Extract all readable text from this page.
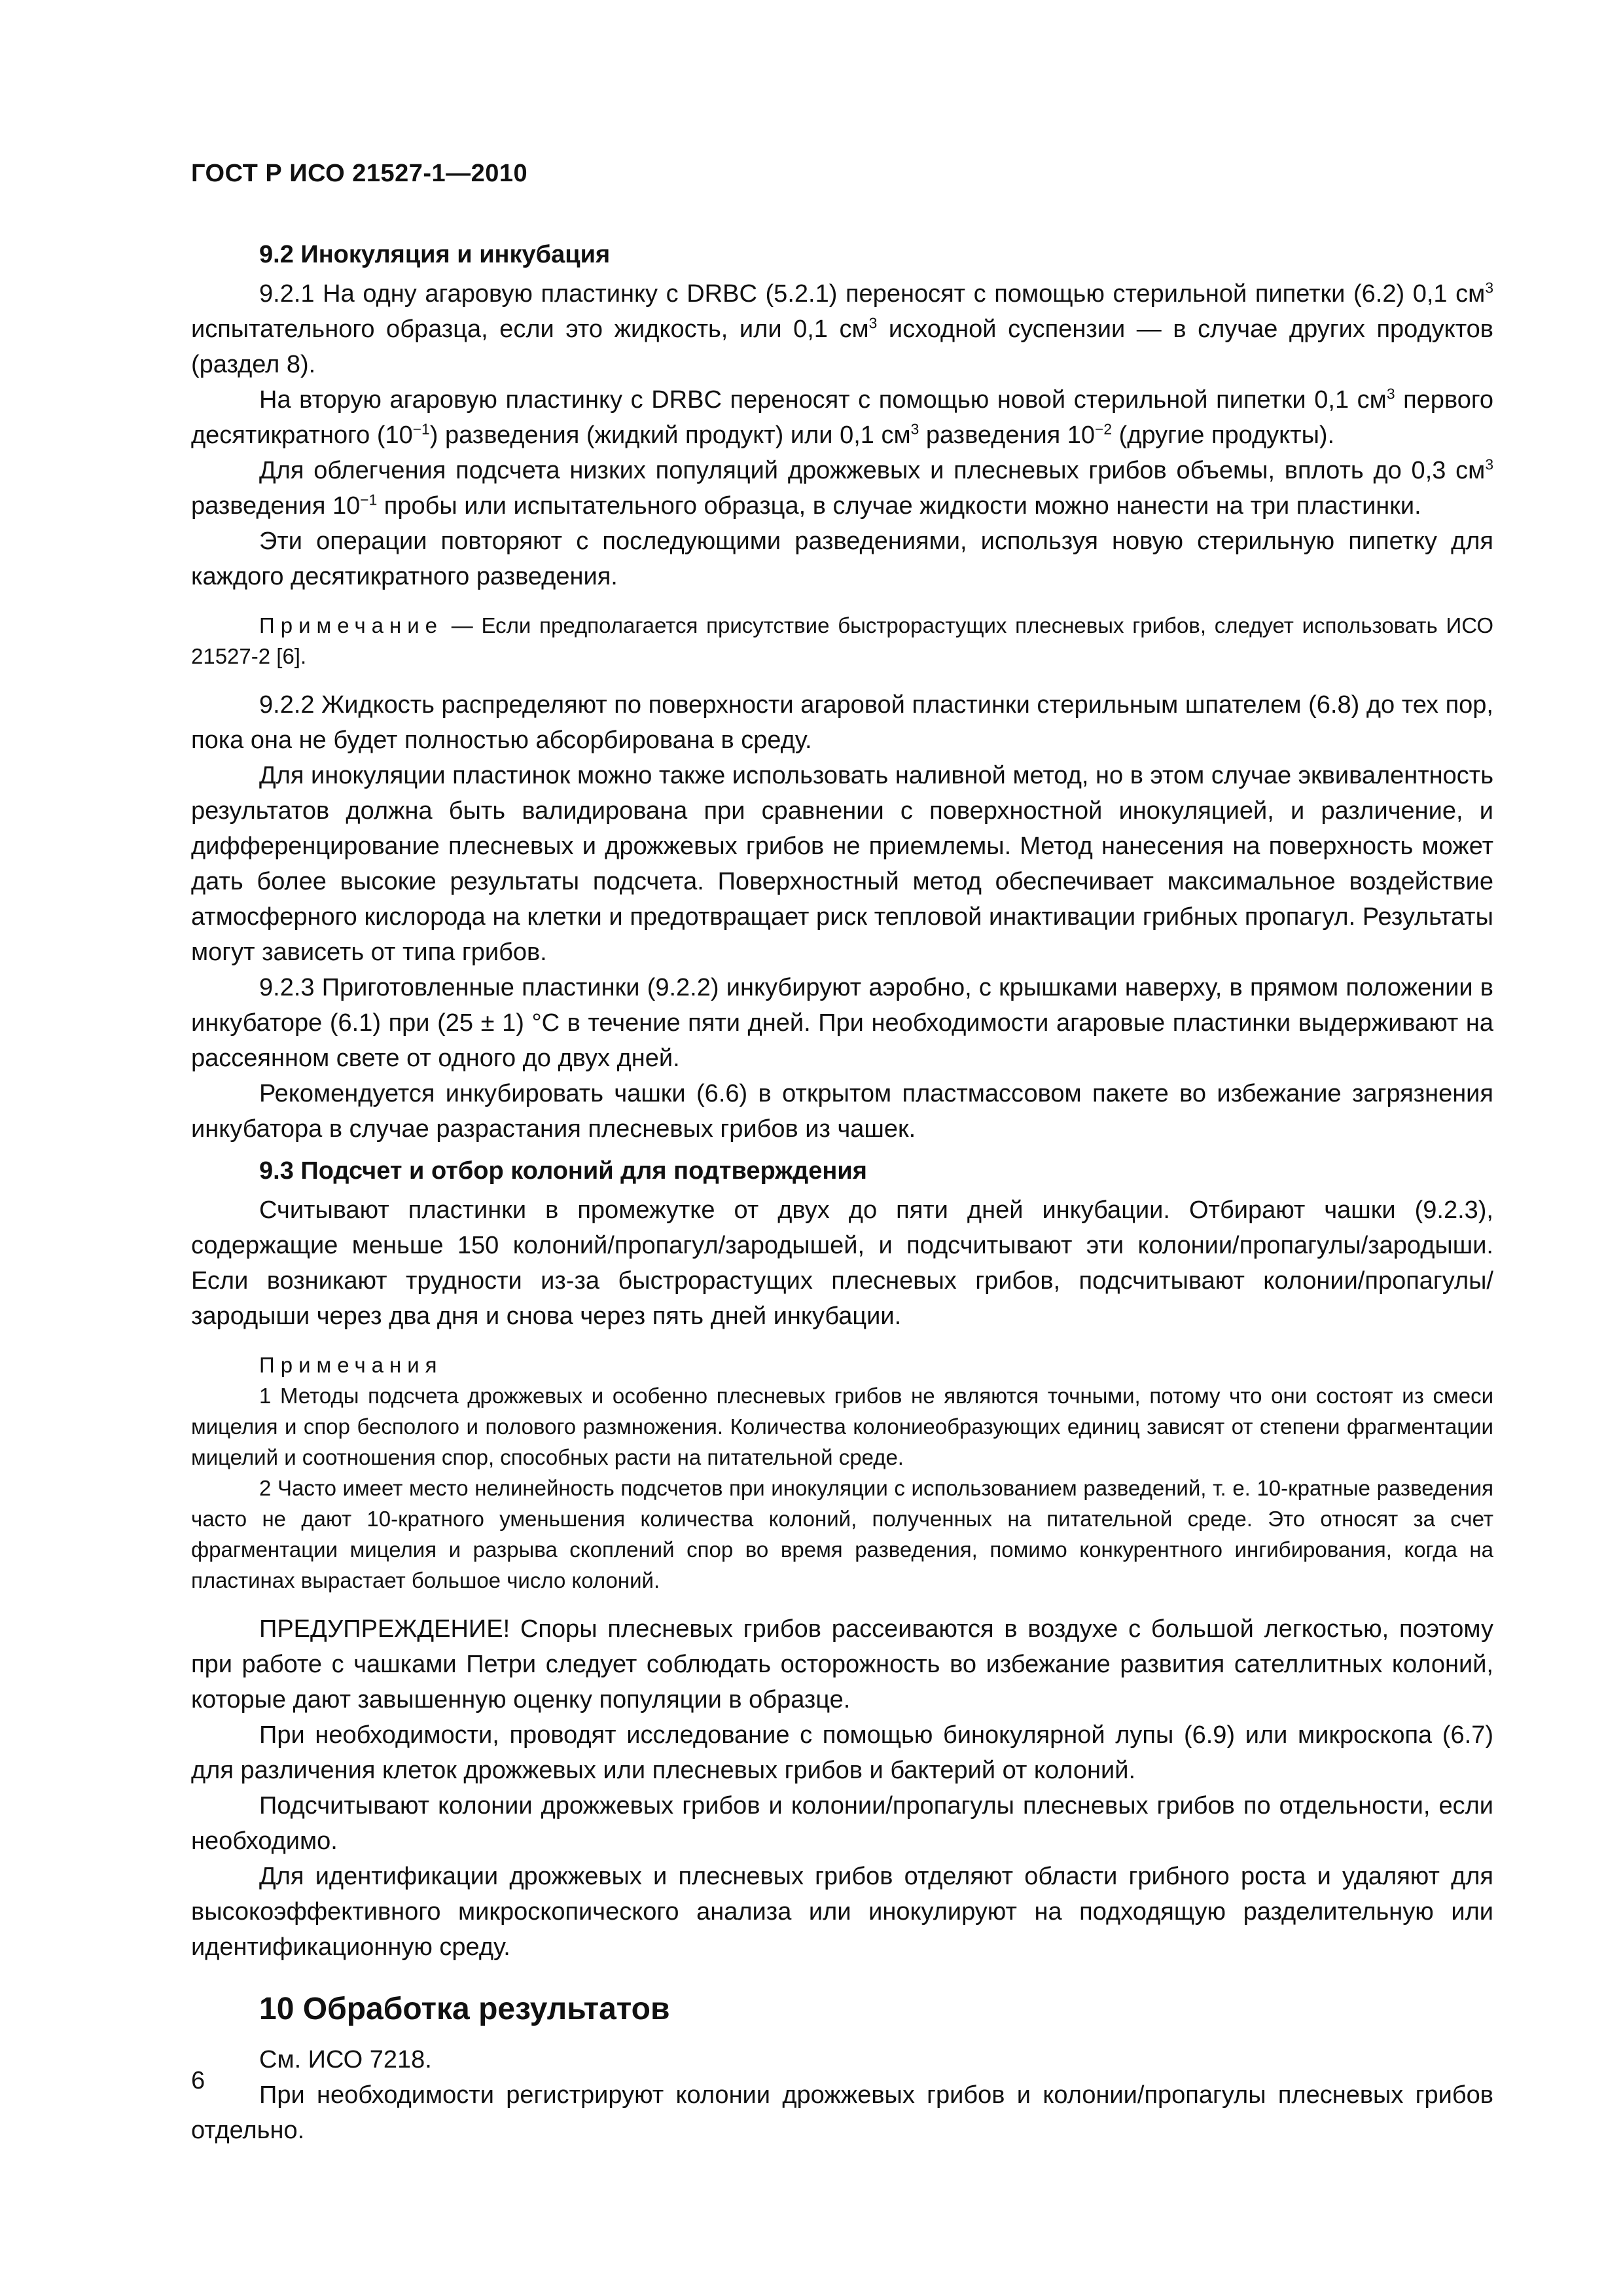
ГОСТ Р ИСО 21527-1—2010
9.2 Инокуляция и инкубация

9.2.1 На одну агаровую пластинку с DRBC (5.2.1) переносят с помощью стерильной пипетки (6.2) 0,1 $см^3$ испытательного образца, если это жидкость, или 0,1 $см^3$ исходной суспензии — в случае других продуктов (раздел 8).

На вторую агаровую пластинку с DRBC переносят с помощью новой стерильной пипетки 0,1 $см^3$ первого десятикратного $(10^{-1})$ разведения (жидкий продукт) или 0,1 $см^3$ разведения $10^{-2}$ (другие продукты).

Для облегчения подсчета низких популяций дрожжевых и плесневых грибов объемы, вплоть до 0,3 $см^3$ разведения $10^{-1}$ пробы или испытательного образца, в случае жидкости можно нанести на три пластинки.

Эти операции повторяют с последующими разведениями, используя новую стерильную пипетку для каждого десятикратного разведения.

Примечание — Если предполагается присутствие быстрорастущих плесневых грибов, следует использовать ИСО 21527-2 [6].

9.2.2 Жидкость распределяют по поверхности агаровой пластинки стерильным шпателем (6.8) до тех пор, пока она не будет полностью абсорбирована в среду.

Для инокуляции пластинок можно также использовать наливной метод, но в этом случае эквивалентность результатов должна быть валидирована при сравнении с поверхностной инокуляцией, и различение, и дифференцирование плесневых и дрожжевых грибов не приемлемы. Метод нанесения на поверхность может дать более высокие результаты подсчета. Поверхностный метод обеспечивает максимальное воздействие атмосферного кислорода на клетки и предотвращает риск тепловой инактивации грибных пропагул. Результаты могут зависеть от типа грибов.

9.2.3 Приготовленные пластинки (9.2.2) инкубируют аэробно, с крышками наверху, в прямом положении в инкубаторе (6.1) при (25 ± 1) °С в течение пяти дней. При необходимости агаровые пластинки выдерживают на рассеянном свете от одного до двух дней.

Рекомендуется инкубировать чашки (6.6) в открытом пластмассовом пакете во избежание загрязнения инкубатора в случае разрастания плесневых грибов из чашек.

9.3 Подсчет и отбор колоний для подтверждения

Считывают пластинки в промежутке от двух до пяти дней инкубации. Отбирают чашки (9.2.3), содержащие меньше 150 колоний/пропагул/зародышей, и подсчитывают эти колонии/пропагулы/зародыши. Если возникают трудности из-за быстрорастущих плесневых грибов, подсчитывают колонии/пропагулы/зародыши через два дня и снова через пять дней инкубации.

Примечания

1 Методы подсчета дрожжевых и особенно плесневых грибов не являются точными, потому что они состоят из смеси мицелия и спор бесполого и полового размножения. Количества колониеобразующих единиц зависят от степени фрагментации мицелий и соотношения спор, способных расти на питательной среде.

2 Часто имеет место нелинейность подсчетов при инокуляции с использованием разведений, т. е. 10-кратные разведения часто не дают 10-кратного уменьшения количества колоний, полученных на питательной среде. Это относят за счет фрагментации мицелия и разрыва скоплений спор во время разведения, помимо конкурентного ингибирования, когда на пластинах вырастает большое число колоний.

ПРЕДУПРЕЖДЕНИЕ! Споры плесневых грибов рассеиваются в воздухе с большой легкостью, поэтому при работе с чашками Петри следует соблюдать осторожность во избежание развития сателлитных колоний, которые дают завышенную оценку популяции в образце.

При необходимости, проводят исследование с помощью бинокулярной лупы (6.9) или микроскопа (6.7) для различения клеток дрожжевых или плесневых грибов и бактерий от колоний.

Подсчитывают колонии дрожжевых грибов и колонии/пропагулы плесневых грибов по отдельности, если необходимо.

Для идентификации дрожжевых и плесневых грибов отделяют области грибного роста и удаляют для высокоэффективного микроскопического анализа или инокулируют на подходящую разделительную или идентификационную среду.

10 Обработка результатов

См. ИСО 7218.

При необходимости регистрируют колонии дрожжевых грибов и колонии/пропагулы плесневых грибов отдельно.

6
